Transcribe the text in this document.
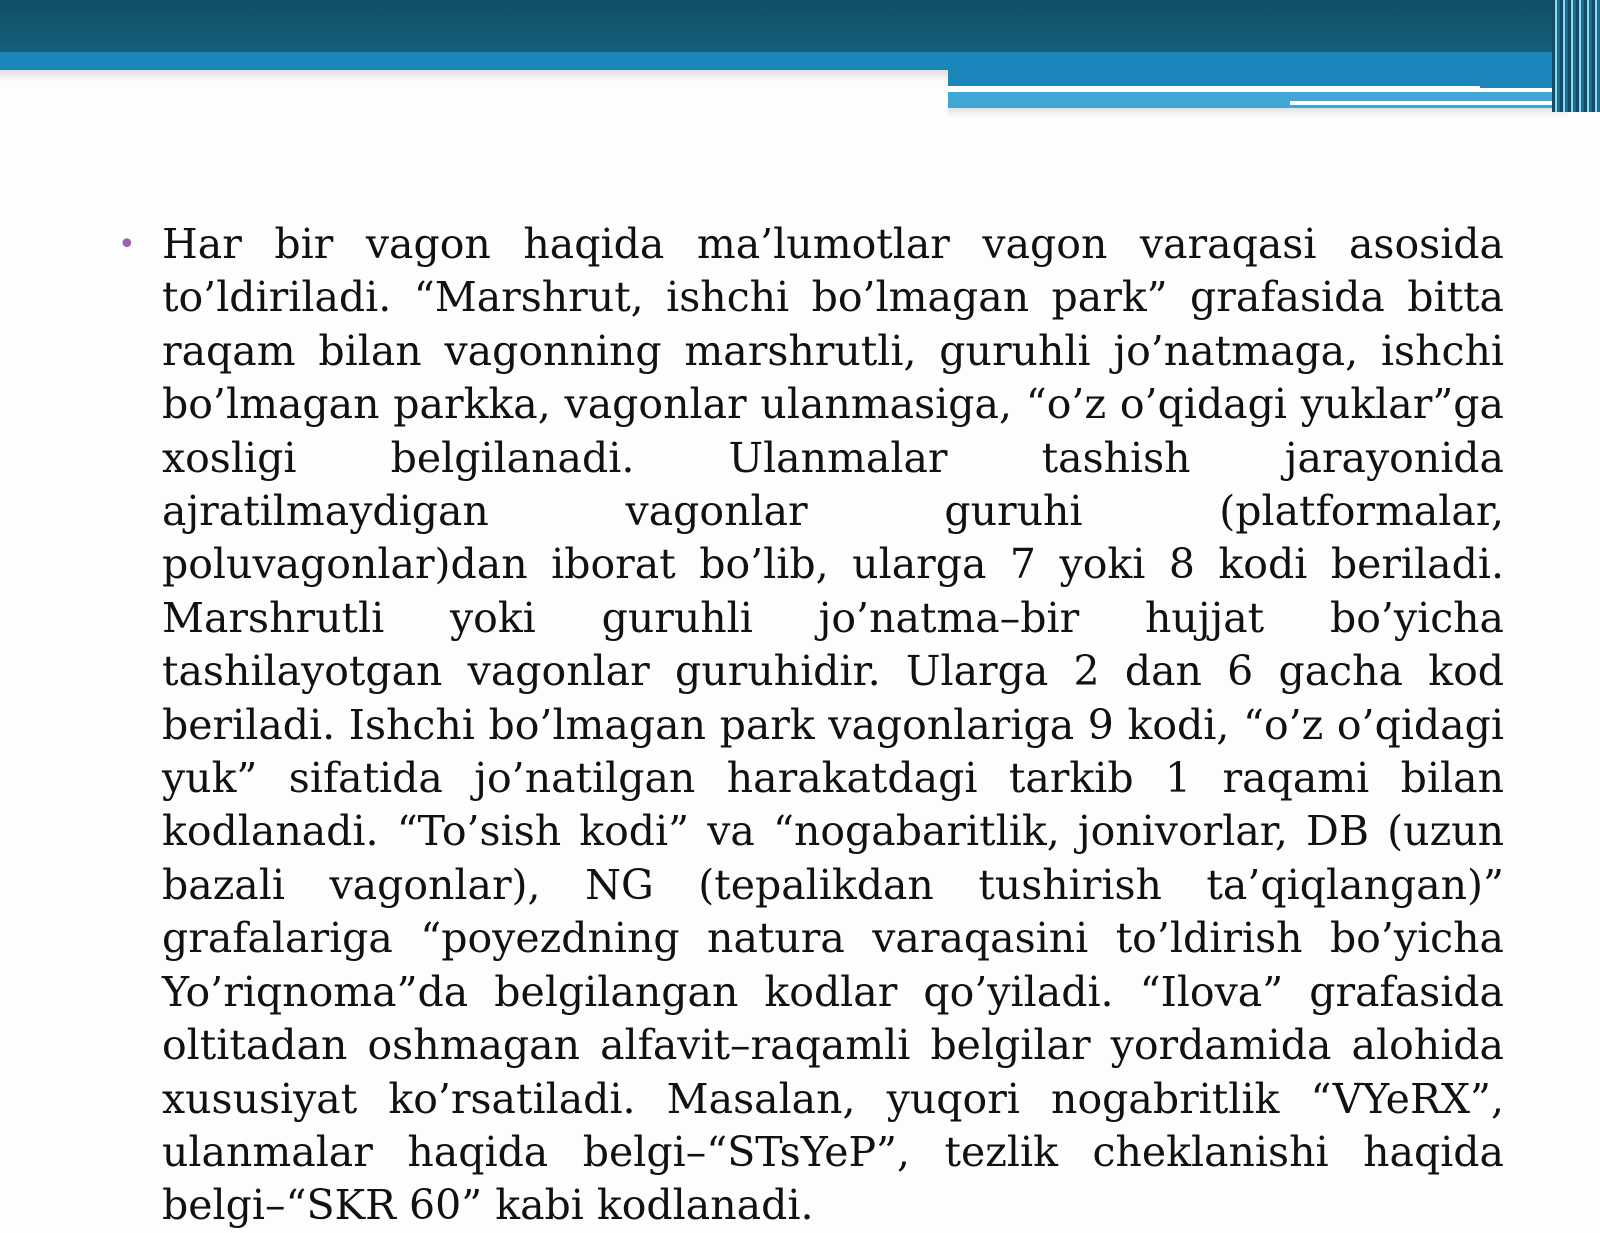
• Har bir vagon haqida ma’lumotlar vagon varaqasi asosida to’ldiriladi. “Marshrut, ishchi bo’lmagan park” grafasida bitta raqam bilan vagonning marshrutli, guruhli jo’natmaga, ishchi bo’lmagan parkka, vagonlar ulanmasiga, “o’z o’qidagi yuklar”ga xosligi belgilanadi. Ulanmalar tashish jarayonida ajratilmaydigan vagonlar guruhi (platformalar, poluvagonlar)dan iborat bo’lib, ularga 7 yoki 8 kodi beriladi. Marshrutli yoki guruhli jo’natma–bir hujjat bo’yicha tashilayotgan vagonlar guruhidir. Ularga 2 dan 6 gacha kod beriladi. Ishchi bo’lmagan park vagonlariga 9 kodi, “o’z o’qidagi yuk” sifatida jo’natilgan harakatdagi tarkib 1 raqami bilan kodlanadi. “To’sish kodi” va “nogabaritlik, jonivorlar, DB (uzun bazali vagonlar), NG (tepalikdan tushirish ta’qiqlangan)” grafalariga “poyezdning natura varaqasini to’ldirish bo’yicha Yo’riqnoma”da belgilangan kodlar qo’yiladi. “Ilova” grafasida oltitadan oshmagan alfavit–raqamli belgilar yordamida alohida xususiyat ko’rsatiladi. Masalan, yuqori nogabritlik “VYeRX”, ulanmalar haqida belgi–“STsYeP”, tezlik cheklanishi haqida belgi–“SKR 60” kabi kodlanadi.
